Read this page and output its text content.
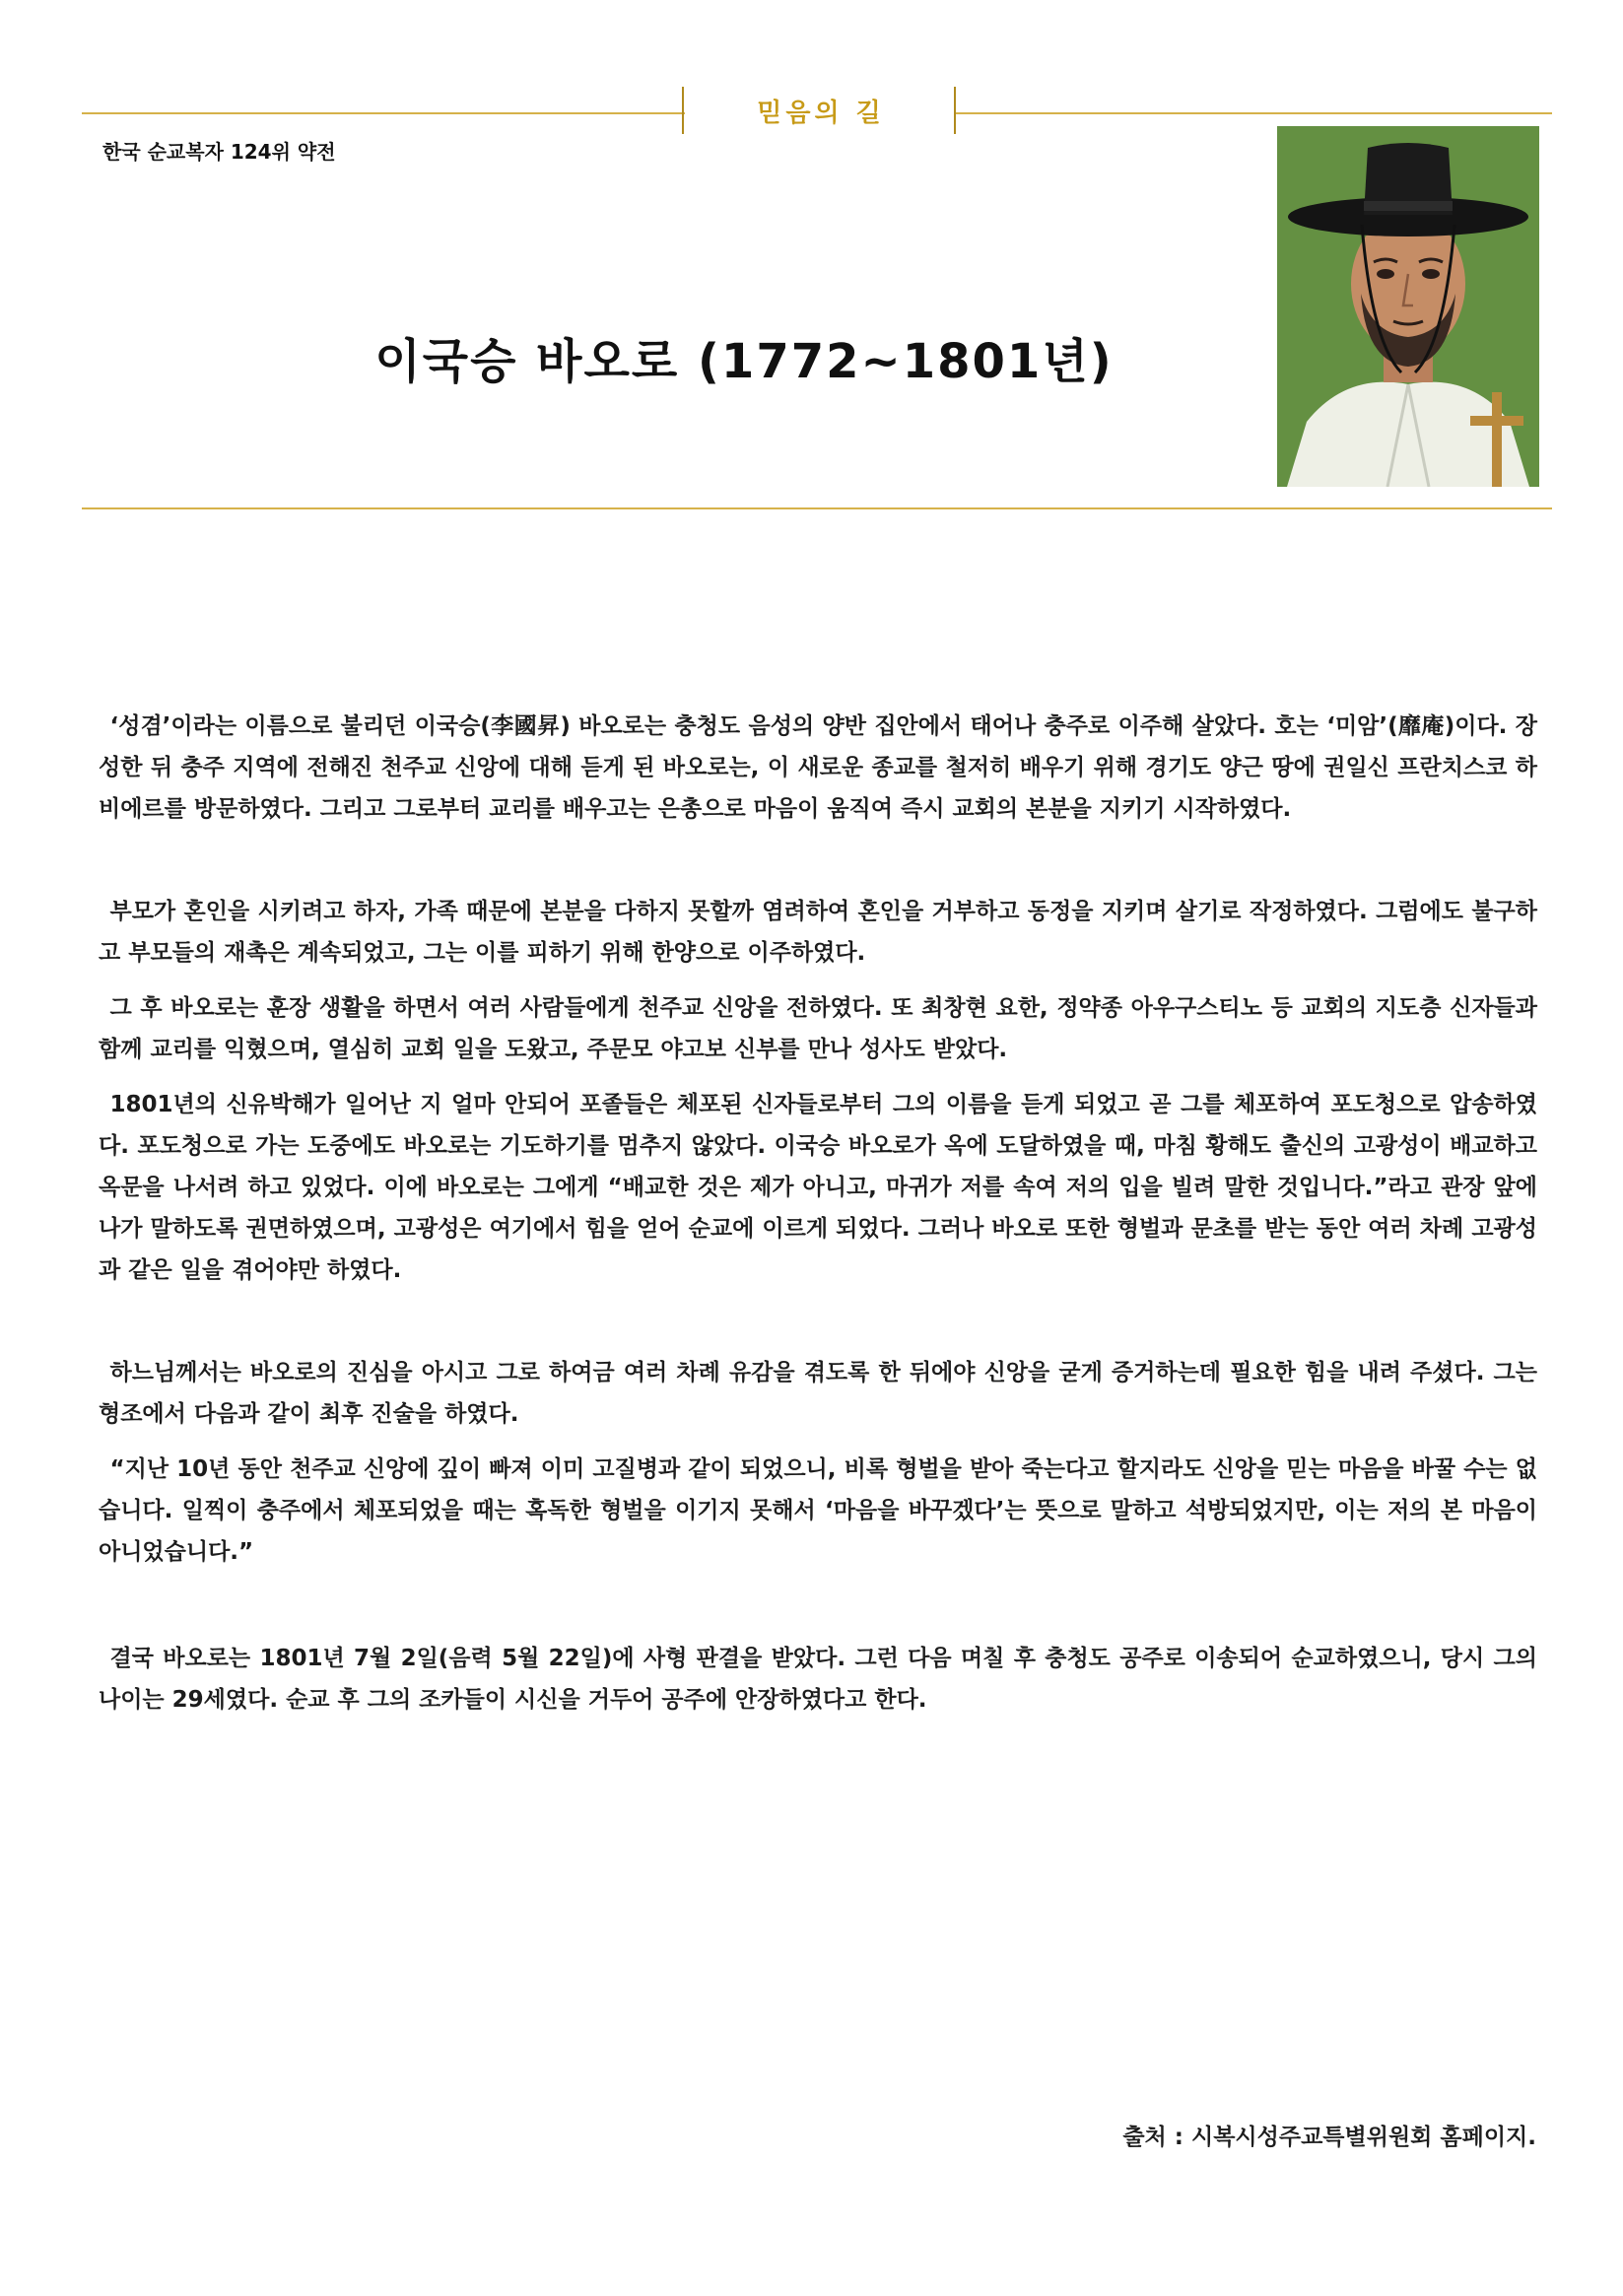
믿음의 길
한국 순교복자 124위 약전
이국승 바오로 (1772~1801년)

‘성겸’이라는 이름으로 불리던 이국승(李國昇) 바오로는 충청도 음성의 양반 집안에서 태어나 충주로 이주해 살았다. 호는 ‘미암’(靡庵)이다. 장성한 뒤 충주 지역에 전해진 천주교 신앙에 대해 듣게 된 바오로는, 이 새로운 종교를 철저히 배우기 위해 경기도 양근 땅에 권일신 프란치스코 하비에르를 방문하였다. 그리고 그로부터 교리를 배우고는 은총으로 마음이 움직여 즉시 교회의 본분을 지키기 시작하였다.

부모가 혼인을 시키려고 하자, 가족 때문에 본분을 다하지 못할까 염려하여 혼인을 거부하고 동정을 지키며 살기로 작정하였다. 그럼에도 불구하고 부모들의 재촉은 계속되었고, 그는 이를 피하기 위해 한양으로 이주하였다.

그 후 바오로는 훈장 생활을 하면서 여러 사람들에게 천주교 신앙을 전하였다. 또 최창현 요한, 정약종 아우구스티노 등 교회의 지도층 신자들과 함께 교리를 익혔으며, 열심히 교회 일을 도왔고, 주문모 야고보 신부를 만나 성사도 받았다.

1801년의 신유박해가 일어난 지 얼마 안되어 포졸들은 체포된 신자들로부터 그의 이름을 듣게 되었고 곧 그를 체포하여 포도청으로 압송하였다. 포도청으로 가는 도중에도 바오로는 기도하기를 멈추지 않았다. 이국승 바오로가 옥에 도달하였을 때, 마침 황해도 출신의 고광성이 배교하고 옥문을 나서려 하고 있었다. 이에 바오로는 그에게 “배교한 것은 제가 아니고, 마귀가 저를 속여 저의 입을 빌려 말한 것입니다.”라고 관장 앞에 나가 말하도록 권면하였으며, 고광성은 여기에서 힘을 얻어 순교에 이르게 되었다. 그러나 바오로 또한 형벌과 문초를 받는 동안 여러 차례 고광성과 같은 일을 겪어야만 하였다.

하느님께서는 바오로의 진심을 아시고 그로 하여금 여러 차례 유감을 겪도록 한 뒤에야 신앙을 굳게 증거하는데 필요한 힘을 내려 주셨다. 그는 형조에서 다음과 같이 최후 진술을 하였다.

“지난 10년 동안 천주교 신앙에 깊이 빠져 이미 고질병과 같이 되었으니, 비록 형벌을 받아 죽는다고 할지라도 신앙을 믿는 마음을 바꿀 수는 없습니다. 일찍이 충주에서 체포되었을 때는 혹독한 형벌을 이기지 못해서 ‘마음을 바꾸겠다’는 뜻으로 말하고 석방되었지만, 이는 저의 본 마음이 아니었습니다.”

결국 바오로는 1801년 7월 2일(음력 5월 22일)에 사형 판결을 받았다. 그런 다음 며칠 후 충청도 공주로 이송되어 순교하였으니, 당시 그의 나이는 29세였다. 순교 후 그의 조카들이 시신을 거두어 공주에 안장하였다고 한다.

출처 : 시복시성주교특별위원회 홈페이지.
